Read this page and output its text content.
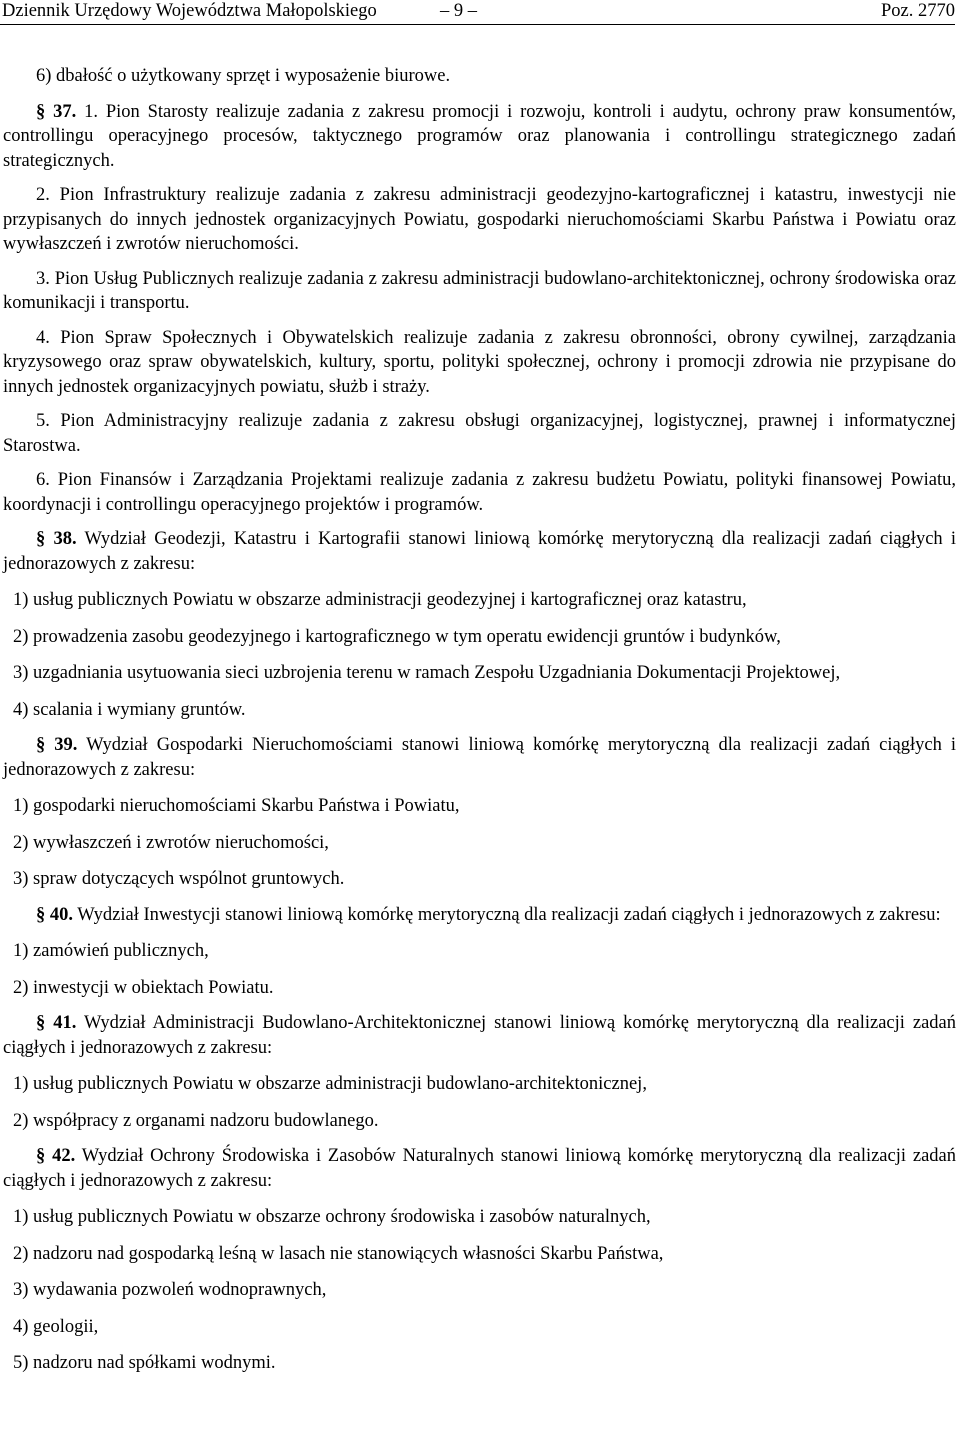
Dziennik Urzędowy Województwa Małopolskiego	– 9 –	Poz. 2770

6) dbałość o użytkowany sprzęt i wyposażenie biurowe.

§ 37. 1. Pion Starosty realizuje zadania z zakresu promocji i rozwoju, kontroli i audytu, ochrony praw konsumentów, controllingu operacyjnego procesów, taktycznego programów oraz planowania i controllingu strategicznego zadań strategicznych.

2. Pion Infrastruktury realizuje zadania z zakresu administracji geodezyjno-kartograficznej i katastru, inwestycji nie przypisanych do innych jednostek organizacyjnych Powiatu, gospodarki nieruchomościami Skarbu Państwa i Powiatu oraz wywłaszczeń i zwrotów nieruchomości.

3. Pion Usług Publicznych realizuje zadania z zakresu administracji budowlano-architektonicznej, ochrony środowiska oraz komunikacji i transportu.

4. Pion Spraw Społecznych i Obywatelskich realizuje zadania z zakresu obronności, obrony cywilnej, zarządzania kryzysowego oraz spraw obywatelskich, kultury, sportu, polityki społecznej, ochrony i promocji zdrowia nie przypisane do innych jednostek organizacyjnych powiatu, służb i straży.

5. Pion Administracyjny realizuje zadania z zakresu obsługi organizacyjnej, logistycznej, prawnej i informatycznej Starostwa.

6. Pion Finansów i Zarządzania Projektami realizuje zadania z zakresu budżetu Powiatu, polityki finansowej Powiatu, koordynacji i controllingu operacyjnego projektów i programów.

§ 38. Wydział Geodezji, Katastru i Kartografii stanowi liniową komórkę merytoryczną dla realizacji zadań ciągłych i jednorazowych z zakresu:

1) usług publicznych Powiatu w obszarze administracji geodezyjnej i kartograficznej oraz katastru,

2) prowadzenia zasobu geodezyjnego i kartograficznego w tym operatu ewidencji gruntów i budynków,

3) uzgadniania usytuowania sieci uzbrojenia terenu w ramach Zespołu Uzgadniania Dokumentacji Projektowej,

4) scalania i wymiany gruntów.

§ 39. Wydział Gospodarki Nieruchomościami stanowi liniową komórkę merytoryczną dla realizacji zadań ciągłych i jednorazowych z zakresu:

1) gospodarki nieruchomościami Skarbu Państwa i Powiatu,

2) wywłaszczeń i zwrotów nieruchomości,

3) spraw dotyczących wspólnot gruntowych.

§ 40. Wydział Inwestycji stanowi liniową komórkę merytoryczną dla realizacji zadań ciągłych i jednorazowych z zakresu:

1) zamówień publicznych,

2) inwestycji w obiektach Powiatu.

§ 41. Wydział Administracji Budowlano-Architektonicznej stanowi liniową komórkę merytoryczną dla realizacji zadań ciągłych i jednorazowych z zakresu:

1) usług publicznych Powiatu w obszarze administracji budowlano-architektonicznej,

2) współpracy z organami nadzoru budowlanego.

§ 42. Wydział Ochrony Środowiska i Zasobów Naturalnych stanowi liniową komórkę merytoryczną dla realizacji zadań ciągłych i jednorazowych z zakresu:

1) usług publicznych Powiatu w obszarze ochrony środowiska i zasobów naturalnych,

2) nadzoru nad gospodarką leśną w lasach nie stanowiących własności Skarbu Państwa,

3) wydawania pozwoleń wodnoprawnych,

4) geologii,

5) nadzoru nad spółkami wodnymi.
